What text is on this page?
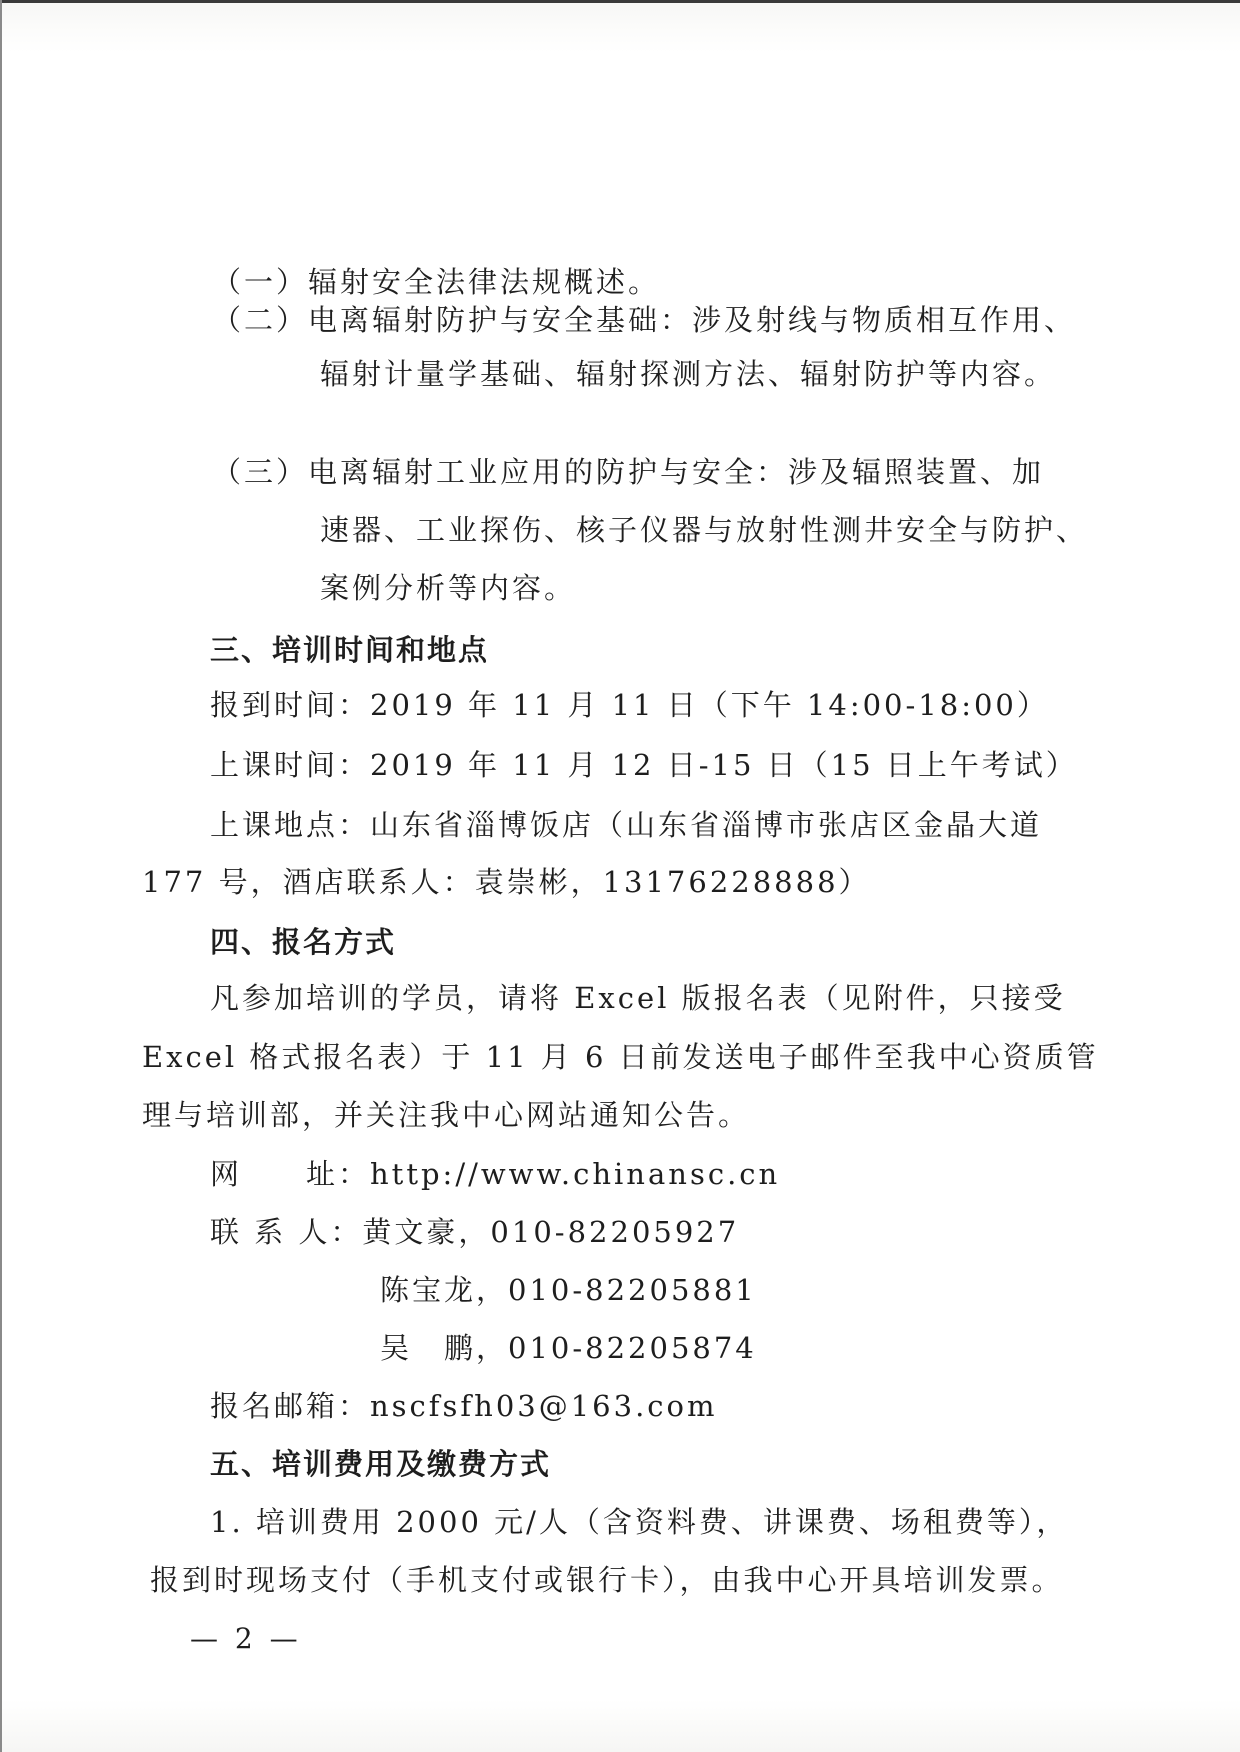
（一）辐射安全法律法规概述。
（二）电离辐射防护与安全基础：涉及射线与物质相互作用、
辐射计量学基础、辐射探测方法、辐射防护等内容。
（三）电离辐射工业应用的防护与安全：涉及辐照装置、加
速器、工业探伤、核子仪器与放射性测井安全与防护、
案例分析等内容。
三、培训时间和地点
报到时间：2019 年 11 月 11 日（下午 14:00-18:00）
上课时间：2019 年 11 月 12 日-15 日（15 日上午考试）
上课地点：山东省淄博饭店（山东省淄博市张店区金晶大道
177 号，酒店联系人：袁崇彬，13176228888）
四、报名方式
凡参加培训的学员，请将 Excel 版报名表（见附件，只接受
Excel 格式报名表）于 11 月 6 日前发送电子邮件至我中心资质管
理与培训部，并关注我中心网站通知公告。
网　　址：http://www.chinansc.cn
联 系 人：黄文豪，010-82205927
陈宝龙，010-82205881
吴　鹏，010-82205874
报名邮箱：nscfsfh03@163.com
五、培训费用及缴费方式
1. 培训费用 2000 元/人（含资料费、讲课费、场租费等），
报到时现场支付（手机支付或银行卡），由我中心开具培训发票。
— 2 —
